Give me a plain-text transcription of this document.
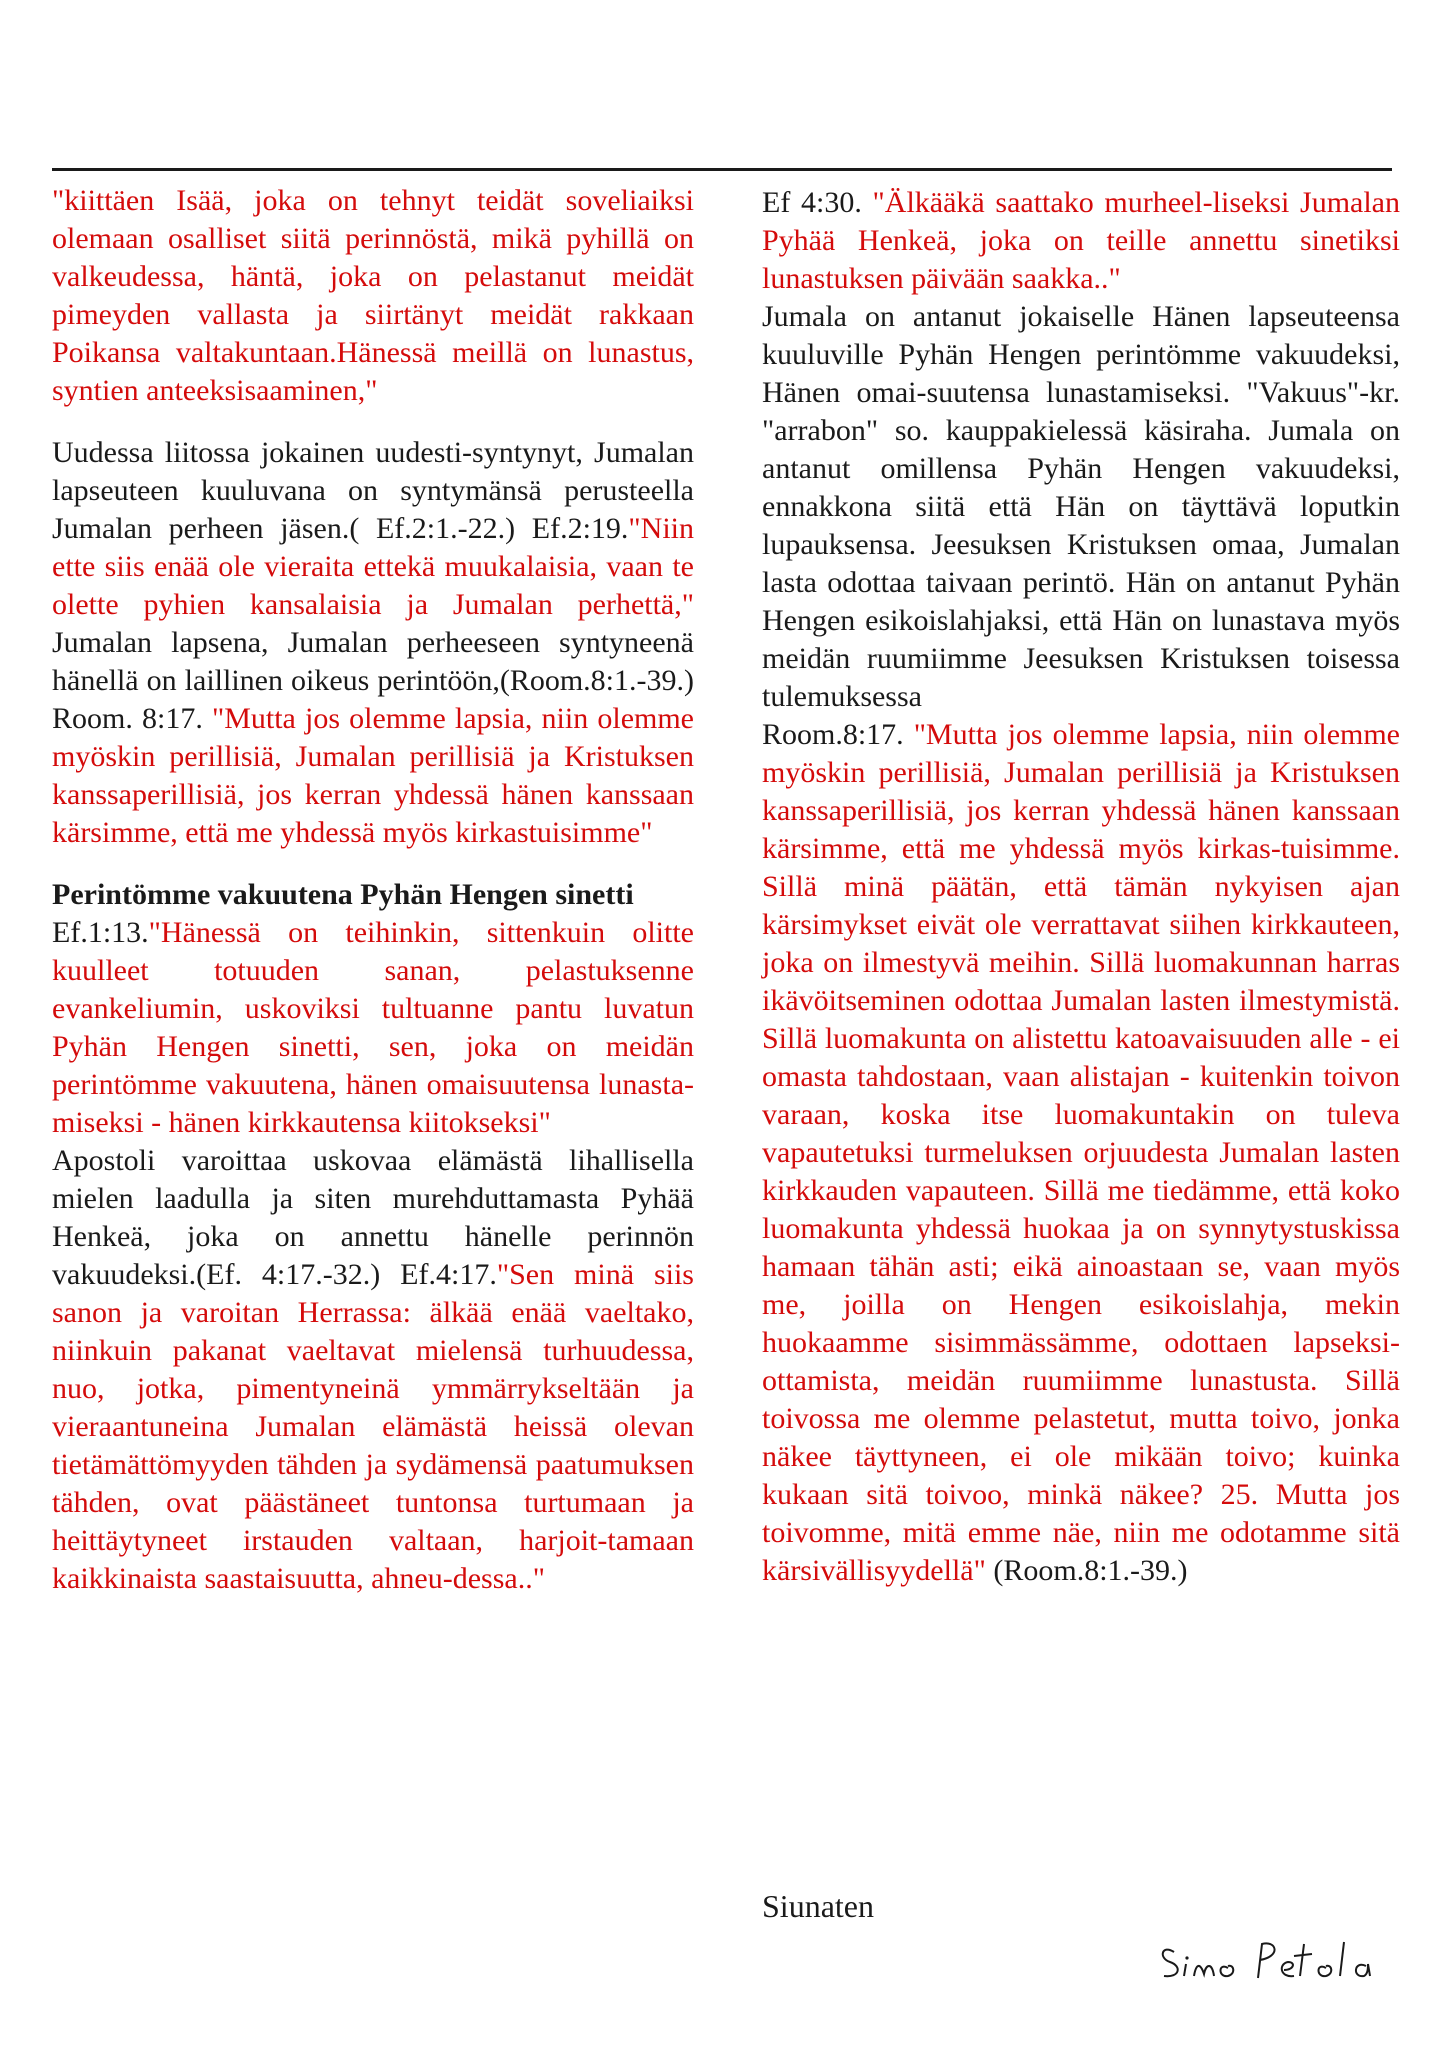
"kiittäen Isää, joka on tehnyt teidät soveliaiksi olemaan osalliset siitä perinnöstä, mikä pyhillä on valkeudessa, häntä, joka on pelastanut meidät pimeyden vallasta ja siirtänyt meidät rakkaan Poikansa valtakuntaan.Hänessä meillä on lunastus, syntien anteeksisaaminen,"

Uudessa liitossa jokainen uudesti-syntynyt, Jumalan lapseuteen kuuluvana on syntymänsä perusteella Jumalan perheen jäsen.( Ef.2:1.-22.) Ef.2:19."Niin ette siis enää ole vieraita ettekä muukalaisia, vaan te olette pyhien kansalaisia ja Jumalan perhettä," Jumalan lapsena, Jumalan perheeseen syntyneenä hänellä on laillinen oikeus perintöön,(Room.8:1.-39.) Room. 8:17. "Mutta jos olemme lapsia, niin olemme myöskin perillisiä, Jumalan perillisiä ja Kristuksen kanssaperillisiä, jos kerran yhdessä hänen kanssaan kärsimme, että me yhdessä myös kirkastuisimme"

Perintömme vakuutena Pyhän Hengen sinetti

Ef.1:13."Hänessä on teihinkin, sittenkuin olitte kuulleet totuuden sanan, pelastuksenne evankeliumin, uskoviksi tultuanne pantu luvatun Pyhän Hengen sinetti, sen, joka on meidän perintömme vakuutena, hänen omaisuutensa lunasta-miseksi - hänen kirkkautensa kiitokseksi"

Apostoli varoittaa uskovaa elämästä lihallisella mielen laadulla ja siten murehduttamasta Pyhää Henkeä, joka on annettu hänelle perinnön vakuudeksi.(Ef. 4:17.-32.) Ef.4:17."Sen minä siis sanon ja varoitan Herrassa: älkää enää vaeltako, niinkuin pakanat vaeltavat mielensä turhuudessa, nuo, jotka, pimentyneinä ymmärrykseltään ja vieraantuneina Jumalan elämästä heissä olevan tietämättömyyden tähden ja sydämensä paatumuksen tähden, ovat päästäneet tuntonsa turtumaan ja heittäytyneet irstauden valtaan, harjoit-tamaan kaikkinaista saastaisuutta, ahneu-dessa.."

Ef 4:30. "Älkääkä saattako murheel-liseksi Jumalan Pyhää Henkeä, joka on teille annettu sinetiksi lunastuksen päivään saakka.."

Jumala on antanut jokaiselle Hänen lapseuteensa kuuluville Pyhän Hengen perintömme vakuudeksi, Hänen omai-suutensa lunastamiseksi. "Vakuus"-kr. "arrabon" so. kauppakielessä käsiraha. Jumala on antanut omillensa Pyhän Hengen vakuudeksi, ennakkona siitä että Hän on täyttävä loputkin lupauksensa. Jeesuksen Kristuksen omaa, Jumalan lasta odottaa taivaan perintö. Hän on antanut Pyhän Hengen esikoislahjaksi, että Hän on lunastava myös meidän ruumiimme Jeesuksen Kristuksen toisessa tulemuksessa

Room.8:17. "Mutta jos olemme lapsia, niin olemme myöskin perillisiä, Jumalan perillisiä ja Kristuksen kanssaperillisiä, jos kerran yhdessä hänen kanssaan kärsimme, että me yhdessä myös kirkas-tuisimme. Sillä minä päätän, että tämän nykyisen ajan kärsimykset eivät ole verrattavat siihen kirkkauteen, joka on ilmestyvä meihin. Sillä luomakunnan harras ikävöitseminen odottaa Jumalan lasten ilmestymistä. Sillä luomakunta on alistettu katoavaisuuden alle - ei omasta tahdostaan, vaan alistajan - kuitenkin toivon varaan, koska itse luomakuntakin on tuleva vapautetuksi turmeluksen orjuudesta Jumalan lasten kirkkauden vapauteen. Sillä me tiedämme, että koko luomakunta yhdessä huokaa ja on synnytystuskissa hamaan tähän asti; eikä ainoastaan se, vaan myös me, joilla on Hengen esikoislahja, mekin huokaamme sisimmässämme, odottaen lapseksi-ottamista, meidän ruumiimme lunastusta. Sillä toivossa me olemme pelastetut, mutta toivo, jonka näkee täyttyneen, ei ole mikään toivo; kuinka kukaan sitä toivoo, minkä näkee? 25. Mutta jos toivomme, mitä emme näe, niin me odotamme sitä kärsivällisyydellä" (Room.8:1.-39.)

Siunaten
